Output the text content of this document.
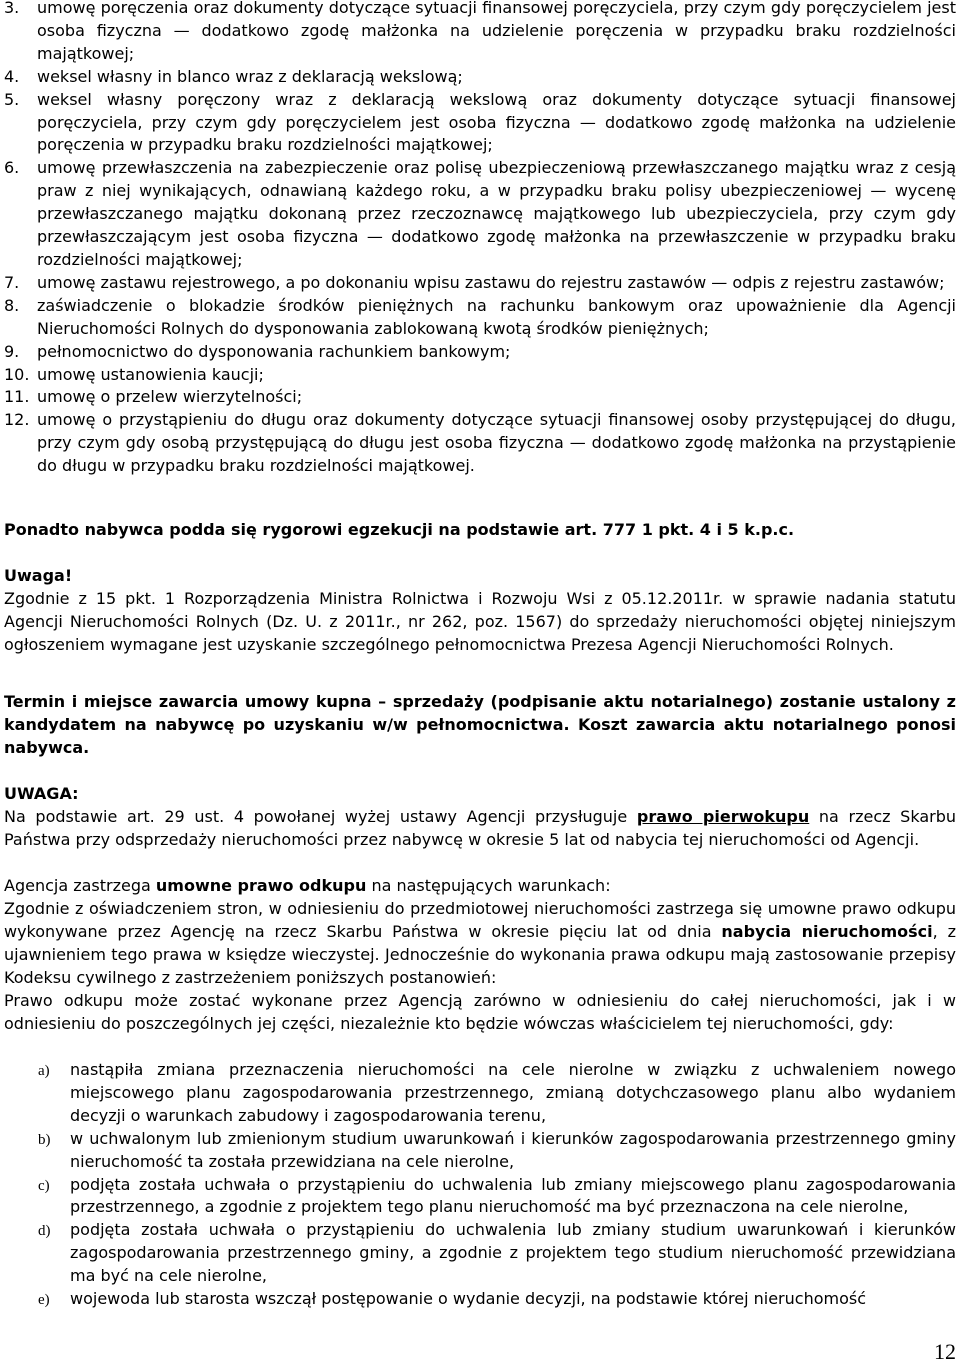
3. umowę poręczenia oraz dokumenty dotyczące sytuacji finansowej poręczyciela, przy czym gdy poręczycielem jest osoba fizyczna — dodatkowo zgodę małżonka na udzielenie poręczenia w przypadku braku rozdzielności majątkowej;
4. weksel własny in blanco wraz z deklaracją wekslową;
5. weksel własny poręczony wraz z deklaracją wekslową oraz dokumenty dotyczące sytuacji finansowej poręczyciela, przy czym gdy poręczycielem jest osoba fizyczna — dodatkowo zgodę małżonka na udzielenie poręczenia w przypadku braku rozdzielności majątkowej;
6. umowę przewłaszczenia na zabezpieczenie oraz polisę ubezpieczeniową przewłaszczanego majątku wraz z cesją praw z niej wynikających, odnawianą każdego roku, a w przypadku braku polisy ubezpieczeniowej — wycenę przewłaszczanego majątku dokonaną przez rzeczoznawcę majątkowego lub ubezpieczyciela, przy czym gdy przewłaszczającym jest osoba fizyczna — dodatkowo zgodę małżonka na przewłaszczenie w przypadku braku rozdzielności majątkowej;
7. umowę zastawu rejestrowego, a po dokonaniu wpisu zastawu do rejestru zastawów — odpis z rejestru zastawów;
8. zaświadczenie o blokadzie środków pieniężnych na rachunku bankowym oraz upoważnienie dla Agencji Nieruchomości Rolnych do dysponowania zablokowaną kwotą środków pieniężnych;
9. pełnomocnictwo do dysponowania rachunkiem bankowym;
10. umowę ustanowienia kaucji;
11. umowę o przelew wierzytelności;
12. umowę o przystąpieniu do długu oraz dokumenty dotyczące sytuacji finansowej osoby przystępującej do długu, przy czym gdy osobą przystępującą do długu jest osoba fizyczna — dodatkowo zgodę małżonka na przystąpienie do długu w przypadku braku rozdzielności majątkowej.

Ponadto nabywca podda się rygorowi egzekucji na podstawie art. 777 1 pkt. 4 i 5 k.p.c.

Uwaga!

Zgodnie z 15 pkt. 1 Rozporządzenia Ministra Rolnictwa i Rozwoju Wsi z 05.12.2011r. w sprawie nadania statutu Agencji Nieruchomości Rolnych (Dz. U. z 2011r., nr 262, poz. 1567) do sprzedaży nieruchomości objętej niniejszym ogłoszeniem wymagane jest uzyskanie szczególnego pełnomocnictwa Prezesa Agencji Nieruchomości Rolnych.

Termin i miejsce zawarcia umowy kupna – sprzedaży (podpisanie aktu notarialnego) zostanie ustalony z kandydatem na nabywcę po uzyskaniu w/w pełnomocnictwa. Koszt zawarcia aktu notarialnego ponosi nabywca.

UWAGA:

Na podstawie art. 29 ust. 4 powołanej wyżej ustawy Agencji przysługuje prawo pierwokupu na rzecz Skarbu Państwa przy odsprzedaży nieruchomości przez nabywcę w okresie 5 lat od nabycia tej nieruchomości od Agencji.

Agencja zastrzega umowne prawo odkupu na następujących warunkach:

Zgodnie z oświadczeniem stron, w odniesieniu do przedmiotowej nieruchomości zastrzega się umowne prawo odkupu wykonywane przez Agencję na rzecz Skarbu Państwa w okresie pięciu lat od dnia nabycia nieruchomości, z ujawnieniem tego prawa w księdze wieczystej. Jednocześnie do wykonania prawa odkupu mają zastosowanie przepisy Kodeksu cywilnego z zastrzeżeniem poniższych postanowień:

Prawo odkupu może zostać wykonane przez Agencją zarówno w odniesieniu do całej nieruchomości, jak i w odniesieniu do poszczególnych jej części, niezależnie kto będzie wówczas właścicielem tej nieruchomości, gdy:

a) nastąpiła zmiana przeznaczenia nieruchomości na cele nierolne w związku z uchwaleniem nowego miejscowego planu zagospodarowania przestrzennego, zmianą dotychczasowego planu albo wydaniem decyzji o warunkach zabudowy i zagospodarowania terenu,
b) w uchwalonym lub zmienionym studium uwarunkowań i kierunków zagospodarowania przestrzennego gminy nieruchomość ta została przewidziana na cele nierolne,
c) podjęta została uchwała o przystąpieniu do uchwalenia lub zmiany miejscowego planu zagospodarowania przestrzennego, a zgodnie z projektem tego planu nieruchomość ma być przeznaczona na cele nierolne,
d) podjęta została uchwała o przystąpieniu do uchwalenia lub zmiany studium uwarunkowań i kierunków zagospodarowania przestrzennego gminy, a zgodnie z projektem tego studium nieruchomość przewidziana ma być na cele nierolne,
e) wojewoda lub starosta wszczął postępowanie o wydanie decyzji, na podstawie której nieruchomość
12
